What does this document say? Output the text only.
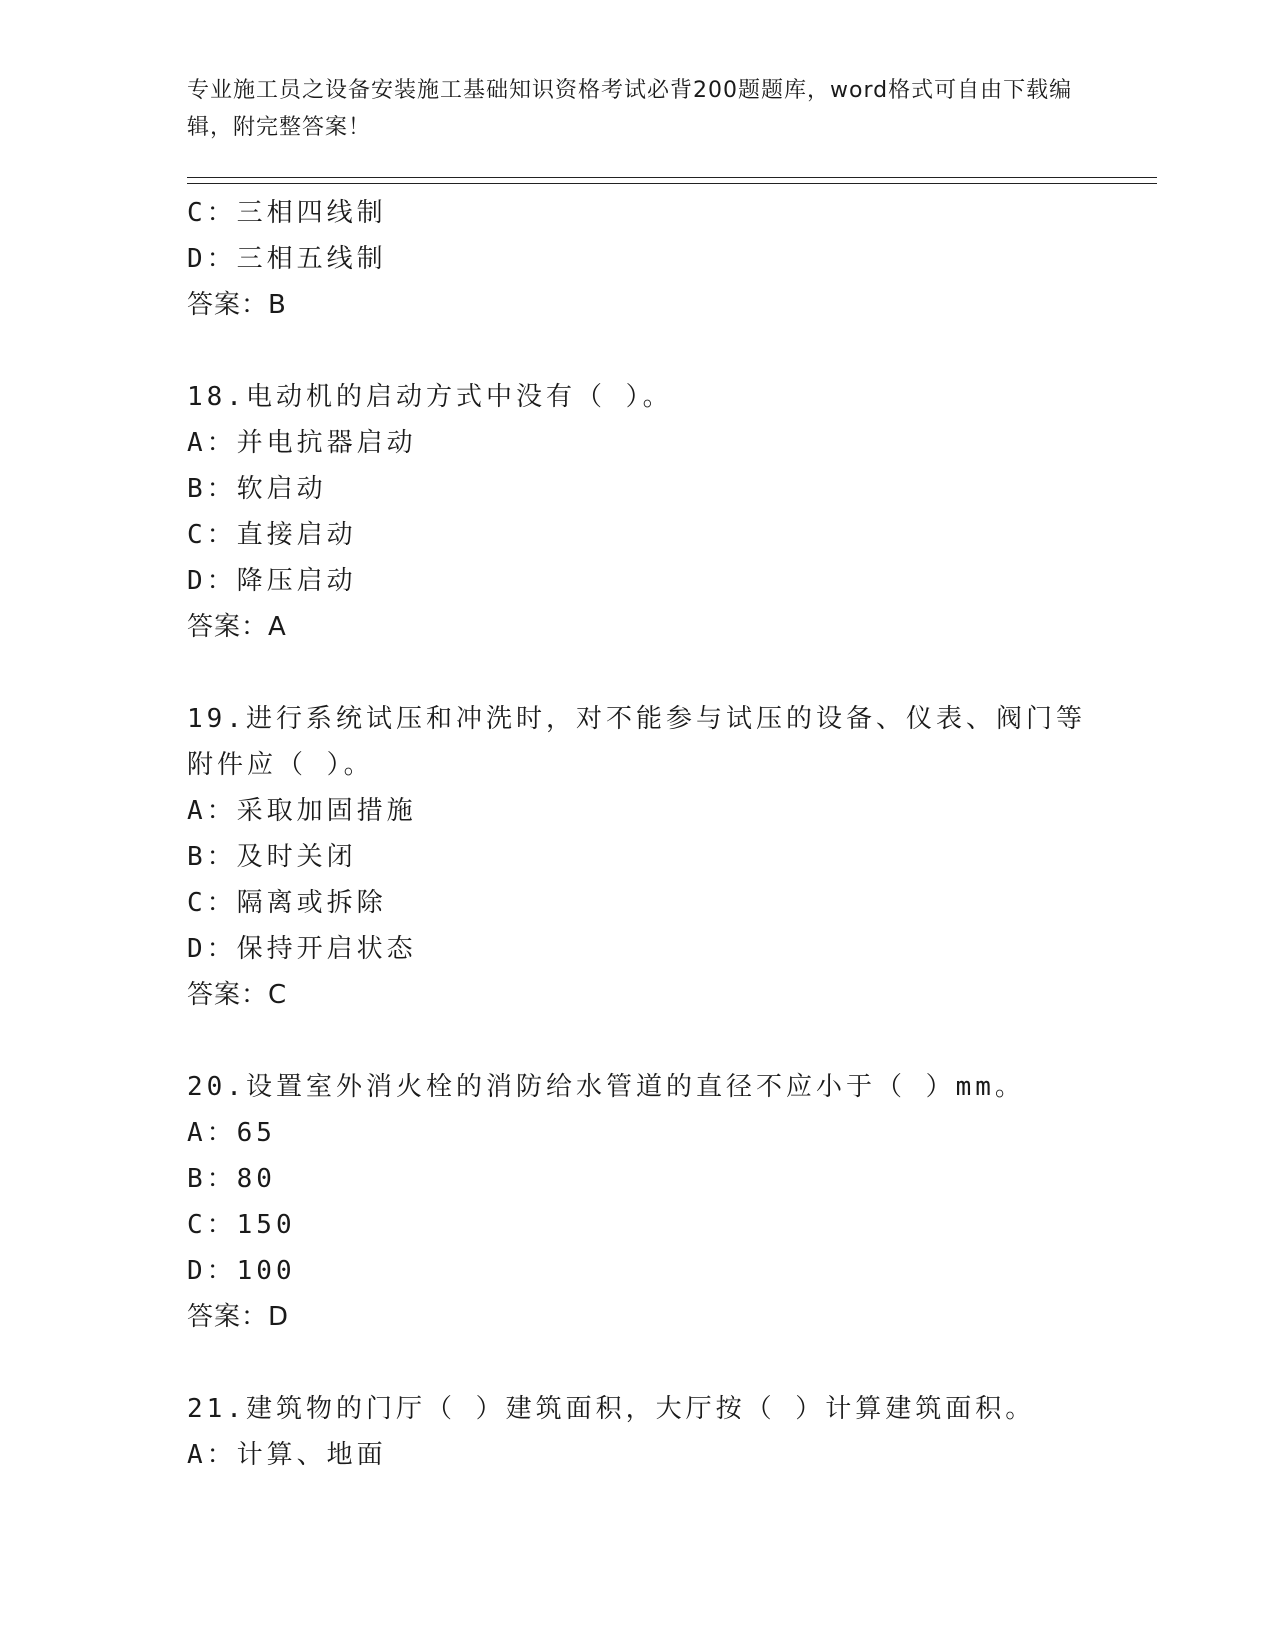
专业施工员之设备安装施工基础知识资格考试必背200题题库，word格式可自由下载编辑，附完整答案！
C：三相四线制
D：三相五线制
答案：B
18.电动机的启动方式中没有（ ）。
A：并电抗器启动
B：软启动
C：直接启动
D：降压启动
答案：A
19.进行系统试压和冲洗时，对不能参与试压的设备、仪表、阀门等附件应（ ）。
A：采取加固措施
B：及时关闭
C：隔离或拆除
D：保持开启状态
答案：C
20.设置室外消火栓的消防给水管道的直径不应小于（ ）mm。
A：65
B：80
C：150
D：100
答案：D
21.建筑物的门厅（ ）建筑面积，大厅按（ ）计算建筑面积。
A：计算、地面
